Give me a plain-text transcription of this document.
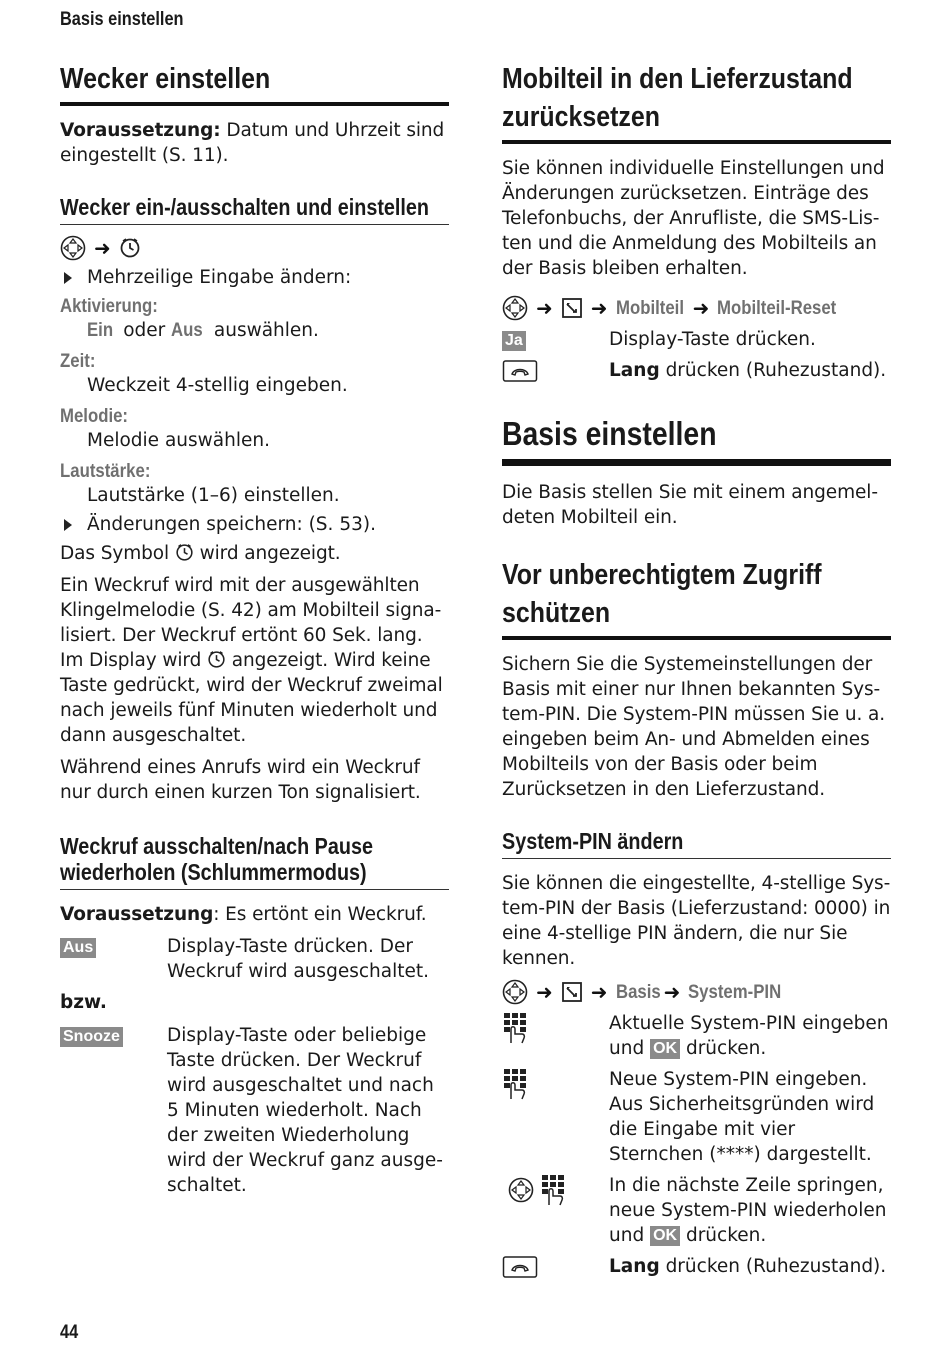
Basis einstellen
Wecker einstellen

Voraussetzung: Datum und Uhrzeit sind eingestellt (S. 11).

Wecker ein-/ausschalten und einstellen
➜
Mehrzeilige Eingabe ändern:
Aktivierung:
Ein oder Aus auswählen.
Zeit:
Weckzeit 4-stellig eingeben.
Melodie:
Melodie auswählen.
Lautstärke:
Lautstärke (1–6) einstellen.
Änderungen speichern: (S. 53).

Das Symbol  wird angezeigt.

Ein Weckruf wird mit der ausgewählten Klingelmelodie (S. 42) am Mobilteil signalisiert. Der Weckruf ertönt 60 Sek. lang. Im Display wird  angezeigt. Wird keine Taste gedrückt, wird der Weckruf zweimal nach jeweils fünf Minuten wiederholt und dann ausgeschaltet.

Während eines Anrufs wird ein Weckruf nur durch einen kurzen Ton signalisiert.

Weckruf ausschalten/nach Pause wiederholen (Schlummermodus)

Voraussetzung: Es ertönt ein Weckruf.

Aus	Display-Taste drücken. Der Weckruf wird ausgeschaltet.
bzw.
Snooze	Display-Taste oder beliebige Taste drücken. Der Weckruf wird ausgeschaltet und nach 5 Minuten wiederholt. Nach der zweiten Wiederholung wird der Weckruf ganz ausgeschaltet.
Mobilteil in den Lieferzustand zurücksetzen

Sie können individuelle Einstellungen und Änderungen zurücksetzen. Einträge des Telefonbuchs, der Anrufliste, die SMS-Listen und die Anmeldung des Mobilteils an der Basis bleiben erhalten.

➜ ➜ Mobilteil ➜ Mobilteil-Reset
Ja	Display-Taste drücken.
Lang drücken (Ruhezustand).
Basis einstellen

Die Basis stellen Sie mit einem angemeldeten Mobilteil ein.

Vor unberechtigtem Zugriff schützen

Sichern Sie die Systemeinstellungen der Basis mit einer nur Ihnen bekannten System-PIN. Die System-PIN müssen Sie u. a. eingeben beim An- und Abmelden eines Mobilteils von der Basis oder beim Zurücksetzen in den Lieferzustand.

System-PIN ändern

Sie können die eingestellte, 4-stellige System-PIN der Basis (Lieferzustand: 0000) in eine 4-stellige PIN ändern, die nur Sie kennen.

➜ ➜ Basis ➜ System-PIN
Aktuelle System-PIN eingeben und OK drücken.
Neue System-PIN eingeben. Aus Sicherheitsgründen wird die Eingabe mit vier Sternchen (****) dargestellt.
In die nächste Zeile springen, neue System-PIN wiederholen und OK drücken.
Lang drücken (Ruhezustand).
44
